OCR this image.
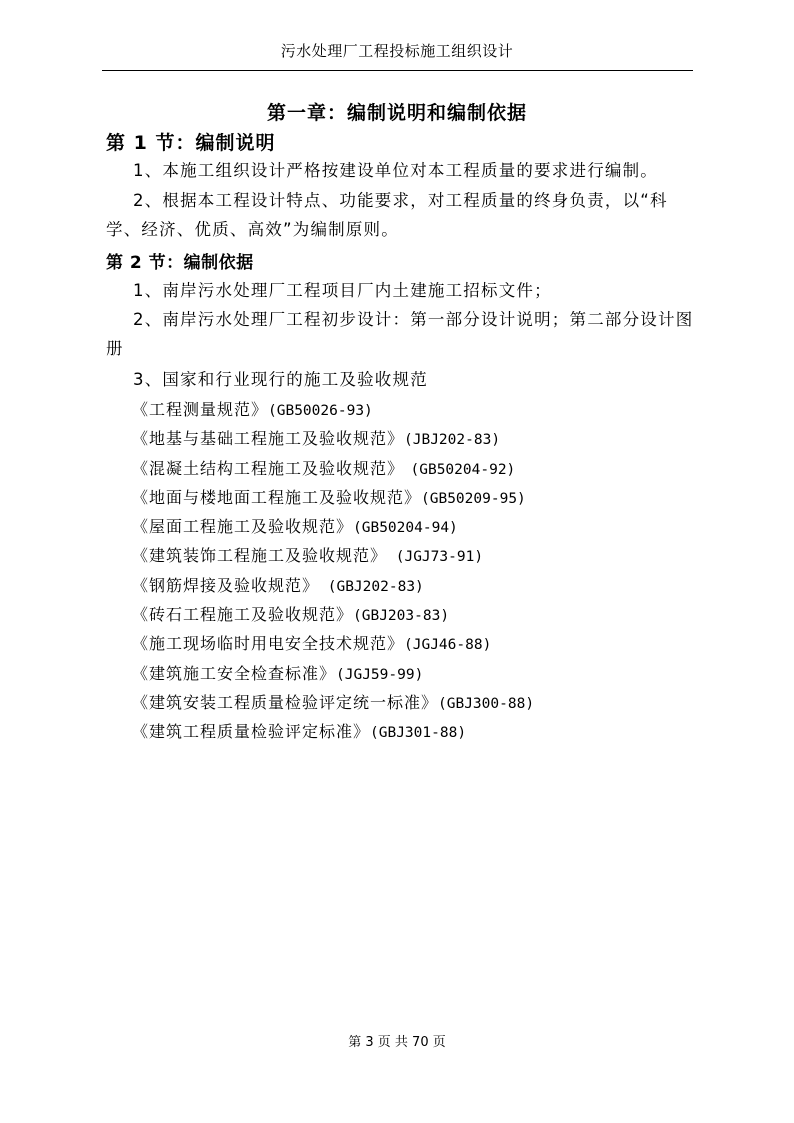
污水处理厂工程投标施工组织设计
第一章：编制说明和编制依据
第 1 节：编制说明

1、本施工组织设计严格按建设单位对本工程质量的要求进行编制。

2、根据本工程设计特点、功能要求，对工程质量的终身负责，以“科学、经济、优质、高效”为编制原则。

第 2 节：编制依据
1、南岸污水处理厂工程项目厂内土建施工招标文件；

2、南岸污水处理厂工程初步设计：第一部分设计说明；第二部分设计图册

3、国家和行业现行的施工及验收规范
《工程测量规范》(GB50026-93)
《地基与基础工程施工及验收规范》(JBJ202-83)
《混凝土结构工程施工及验收规范》　(GB50204-92)
《地面与楼地面工程施工及验收规范》(GB50209-95)
《屋面工程施工及验收规范》(GB50204-94)
《建筑装饰工程施工及验收规范》 (JGJ73-91)
《钢筋焊接及验收规范》 (GBJ202-83)
《砖石工程施工及验收规范》(GBJ203-83)
《施工现场临时用电安全技术规范》(JGJ46-88)
《建筑施工安全检查标准》(JGJ59-99)
《建筑安装工程质量检验评定统一标准》(GBJ300-88)
《建筑工程质量检验评定标准》(GBJ301-88)
第 3 页 共 70 页
